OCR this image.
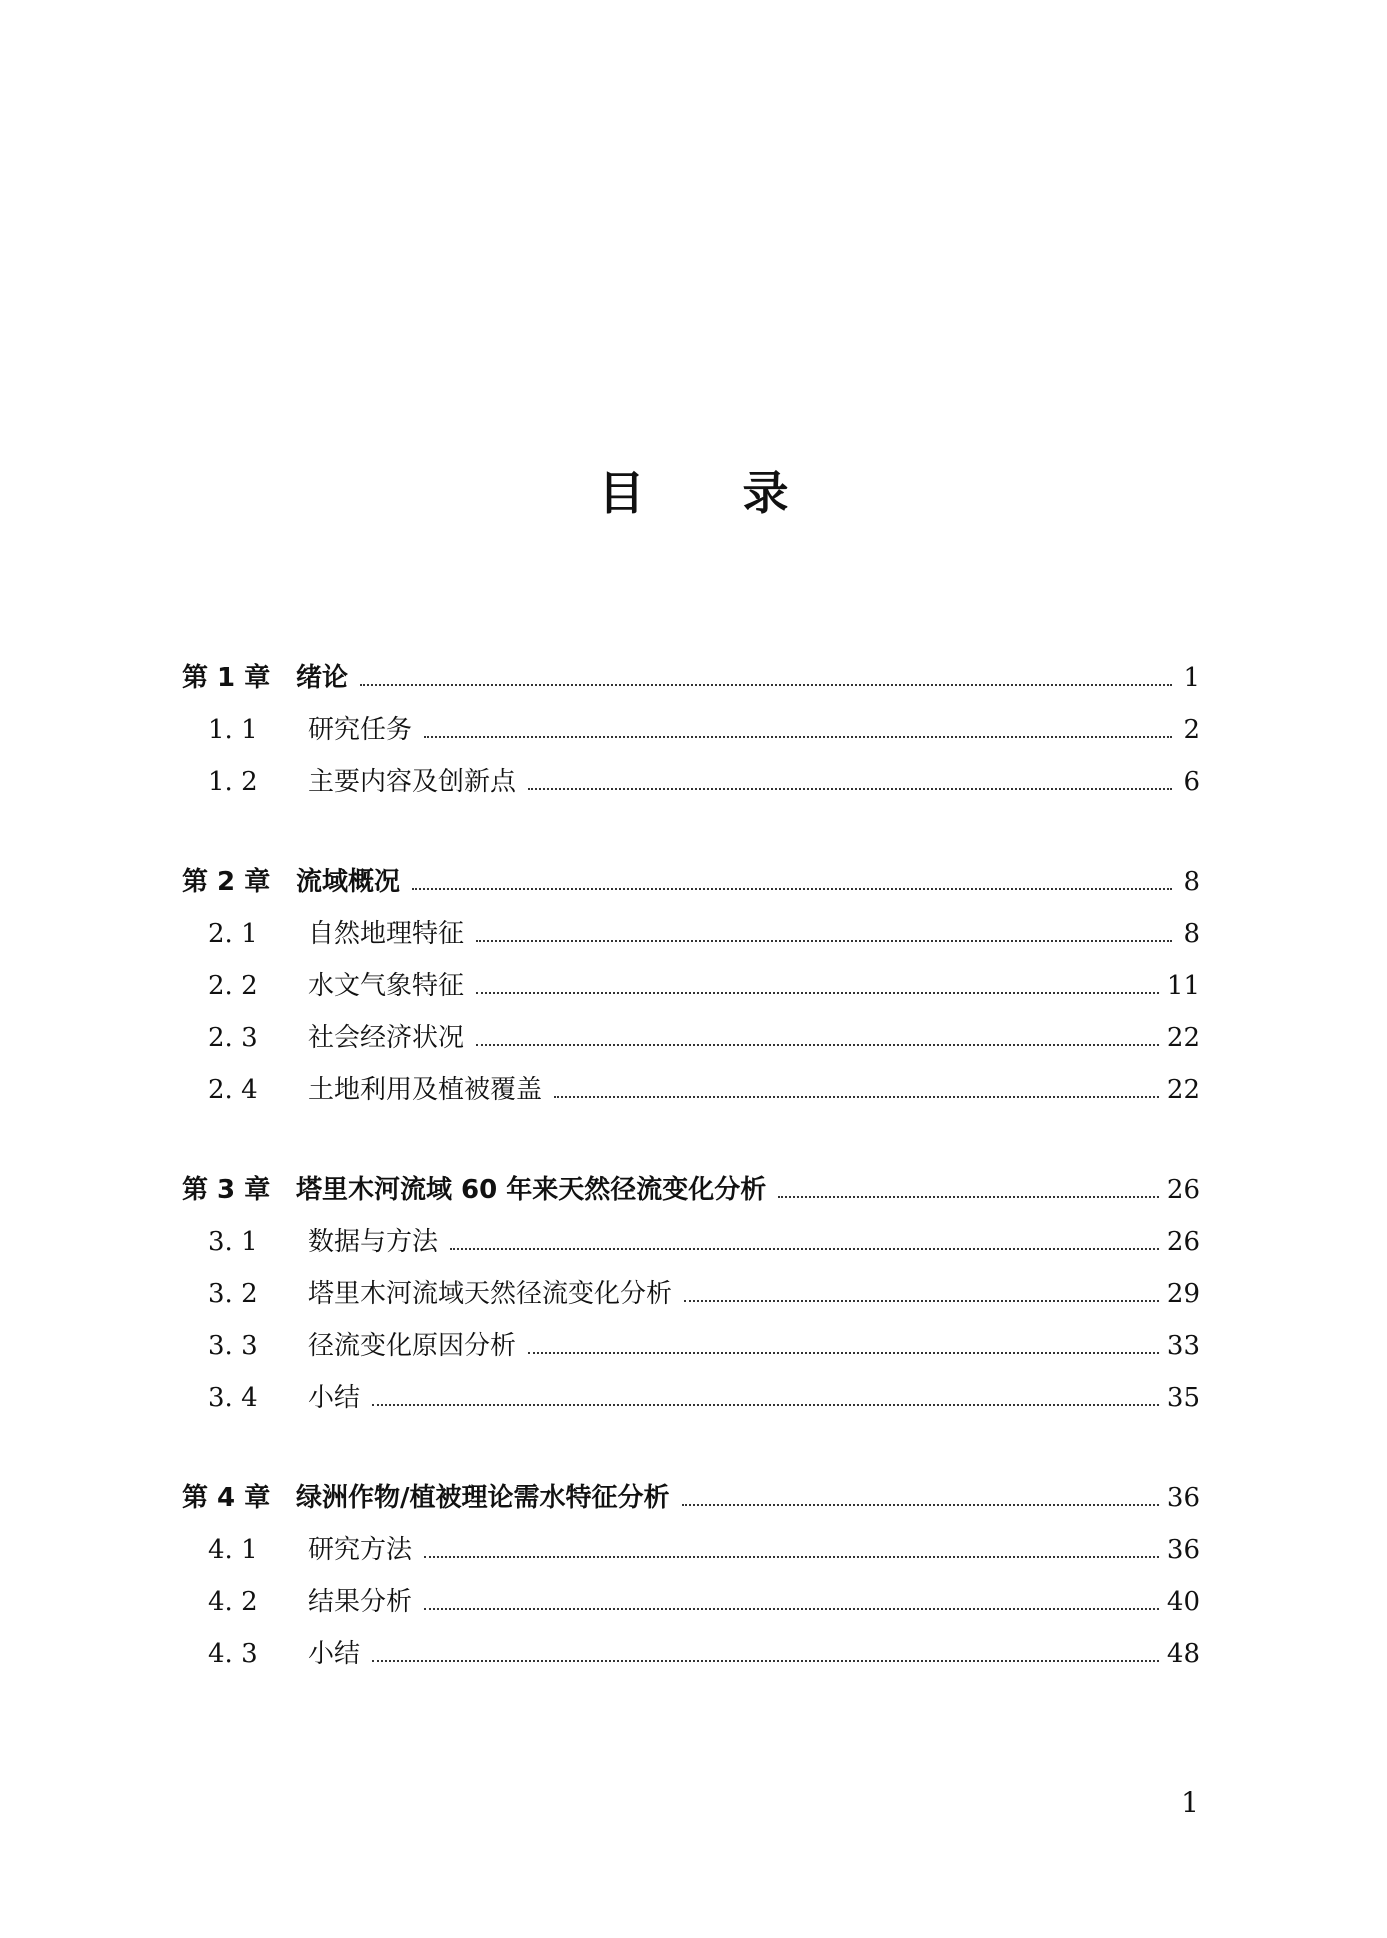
目 录
第 1 章 绪论	1
1. 1	研究任务	2
1. 2	主要内容及创新点	6
第 2 章 流域概况	8
2. 1	自然地理特征	8
2. 2	水文气象特征	11
2. 3	社会经济状况	22
2. 4	土地利用及植被覆盖	22
第 3 章 塔里木河流域 60 年来天然径流变化分析	26
3. 1	数据与方法	26
3. 2	塔里木河流域天然径流变化分析	29
3. 3	径流变化原因分析	33
3. 4	小结	35
第 4 章 绿洲作物/植被理论需水特征分析	36
4. 1	研究方法	36
4. 2	结果分析	40
4. 3	小结	48
1
